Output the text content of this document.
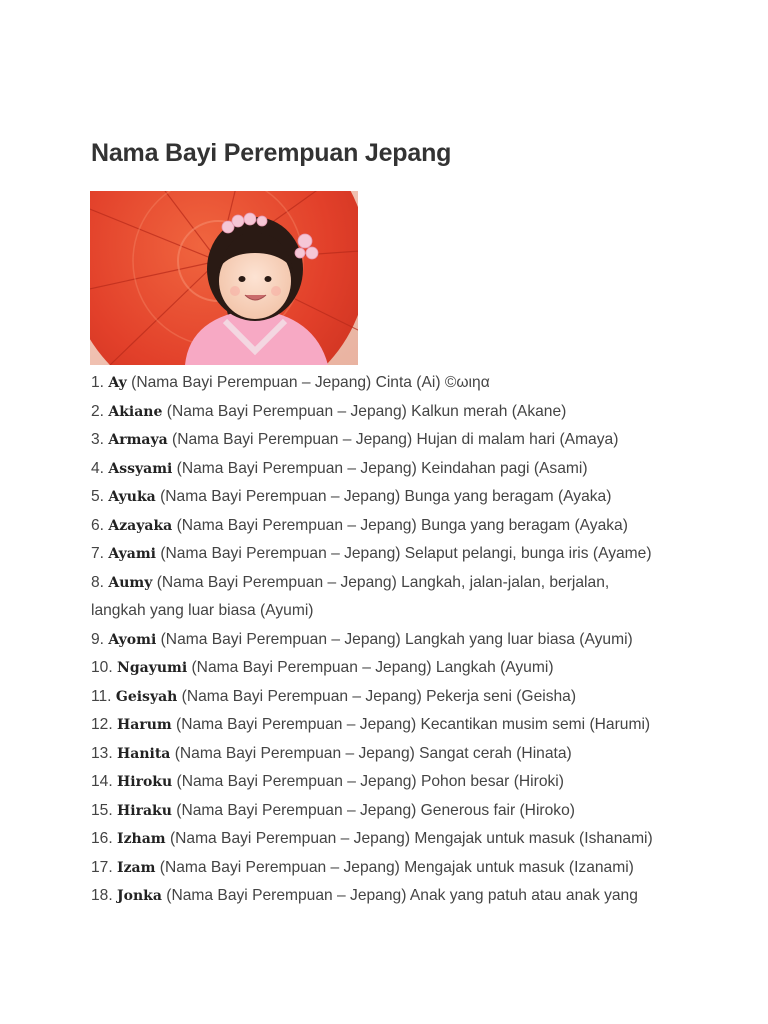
Nama Bayi Perempuan Jepang
1. Ay (Nama Bayi Perempuan – Jepang) Cinta (Ai) ©ωιηα
2. Akiane (Nama Bayi Perempuan – Jepang) Kalkun merah (Akane)
3. Armaya (Nama Bayi Perempuan – Jepang) Hujan di malam hari (Amaya)
4. Assyami (Nama Bayi Perempuan – Jepang) Keindahan pagi (Asami)
5. Ayuka (Nama Bayi Perempuan – Jepang) Bunga yang beragam (Ayaka)
6. Azayaka (Nama Bayi Perempuan – Jepang) Bunga yang beragam (Ayaka)
7. Ayami (Nama Bayi Perempuan – Jepang) Selaput pelangi, bunga iris (Ayame)
8. Aumy (Nama Bayi Perempuan – Jepang) Langkah, jalan-jalan, berjalan,
langkah yang luar biasa (Ayumi)
9. Ayomi (Nama Bayi Perempuan – Jepang) Langkah yang luar biasa (Ayumi)
10. Ngayumi (Nama Bayi Perempuan – Jepang) Langkah (Ayumi)
11. Geisyah (Nama Bayi Perempuan – Jepang) Pekerja seni (Geisha)
12. Harum (Nama Bayi Perempuan – Jepang) Kecantikan musim semi (Harumi)
13. Hanita (Nama Bayi Perempuan – Jepang) Sangat cerah (Hinata)
14. Hiroku (Nama Bayi Perempuan – Jepang) Pohon besar (Hiroki)
15. Hiraku (Nama Bayi Perempuan – Jepang) Generous fair (Hiroko)
16. Izham (Nama Bayi Perempuan – Jepang) Mengajak untuk masuk (Ishanami)
17. Izam (Nama Bayi Perempuan – Jepang) Mengajak untuk masuk (Izanami)
18. Jonka (Nama Bayi Perempuan – Jepang) Anak yang patuh atau anak yang
